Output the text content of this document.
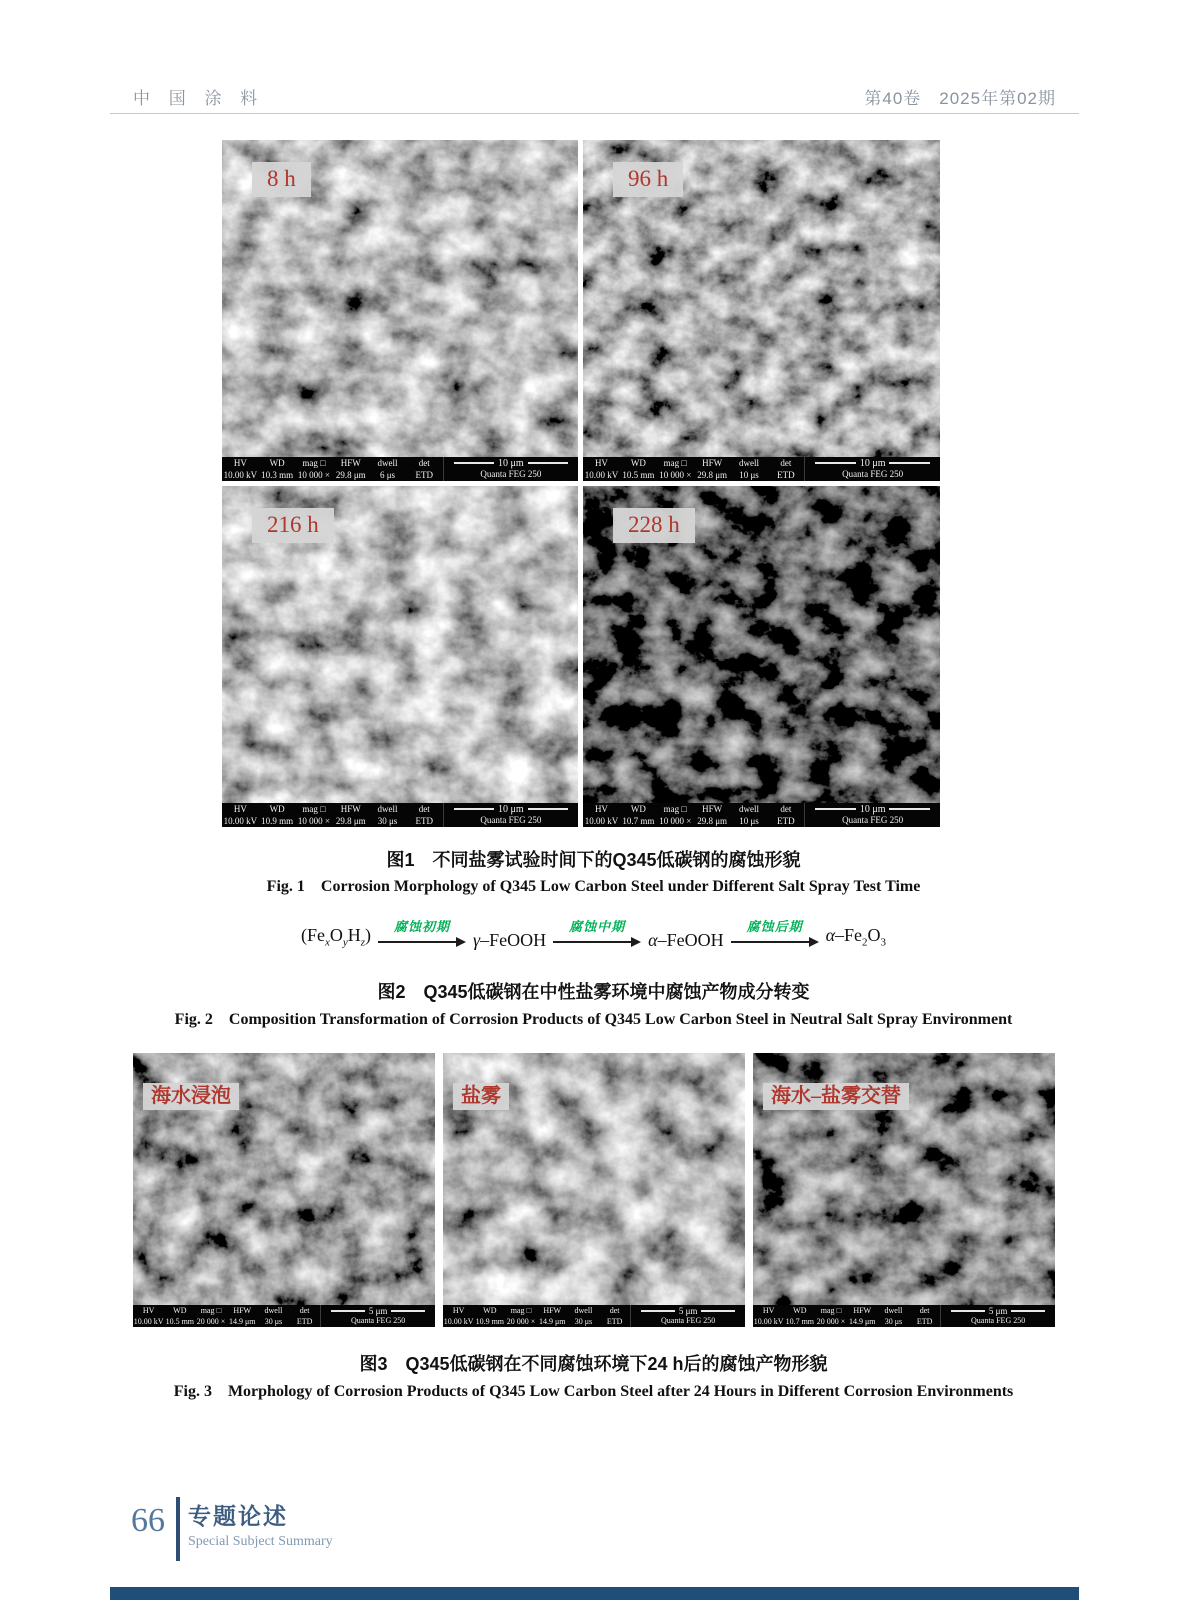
中 国 涂 料	第40卷　2025年第02期
8 h
HV	WD	mag □	HFW	dwell	det
10.00 kV 10.3 mm 10 000 × 29.8 μm	6 μs	ETD
10 μm
Quanta FEG 250
96 h
HV	WD	mag □	HFW	dwell	det
10.00 kV 10.5 mm 10 000 × 29.8 μm	10 μs	ETD
10 μm
Quanta FEG 250
216 h
HV	WD	mag □	HFW	dwell	det
10.00 kV 10.9 mm 10 000 × 29.8 μm	30 μs	ETD
10 μm
Quanta FEG 250
228 h
HV	WD	mag □	HFW	dwell	det
10.00 kV 10.7 mm 10 000 × 29.8 μm	10 μs	ETD
10 μm
Quanta FEG 250
图1　不同盐雾试验时间下的Q345低碳钢的腐蚀形貌
Fig. 1　Corrosion Morphology of Q345 Low Carbon Steel under Different Salt Spray Test Time
$(Fe_xO_yH_z)$ 腐蚀初期
γ–FeOOH
腐蚀中期
α–FeOOH
腐蚀后期 $\alpha-Fe_2O_3$
图2　Q345低碳钢在中性盐雾环境中腐蚀产物成分转变
Fig. 2　Composition Transformation of Corrosion Products of Q345 Low Carbon Steel in Neutral Salt Spray Environment
海水浸泡
HV	WD	mag □	HFW	dwell	det
10.00 kV 10.5 mm 20 000 × 14.9 μm	30 μs	ETD
5 μm
Quanta FEG 250
盐雾
HV	WD	mag □	HFW	dwell	det
10.00 kV 10.9 mm 20 000 × 14.9 μm	30 μs	ETD
5 μm
Quanta FEG 250
海水–盐雾交替
HV	WD	mag □	HFW	dwell	det
10.00 kV 10.7 mm 20 000 × 14.9 μm	30 μs	ETD
5 μm
Quanta FEG 250
图3　Q345低碳钢在不同腐蚀环境下24 h后的腐蚀产物形貌
Fig. 3　Morphology of Corrosion Products of Q345 Low Carbon Steel after 24 Hours in Different Corrosion Environments
66 专题论述
Special Subject Summary
